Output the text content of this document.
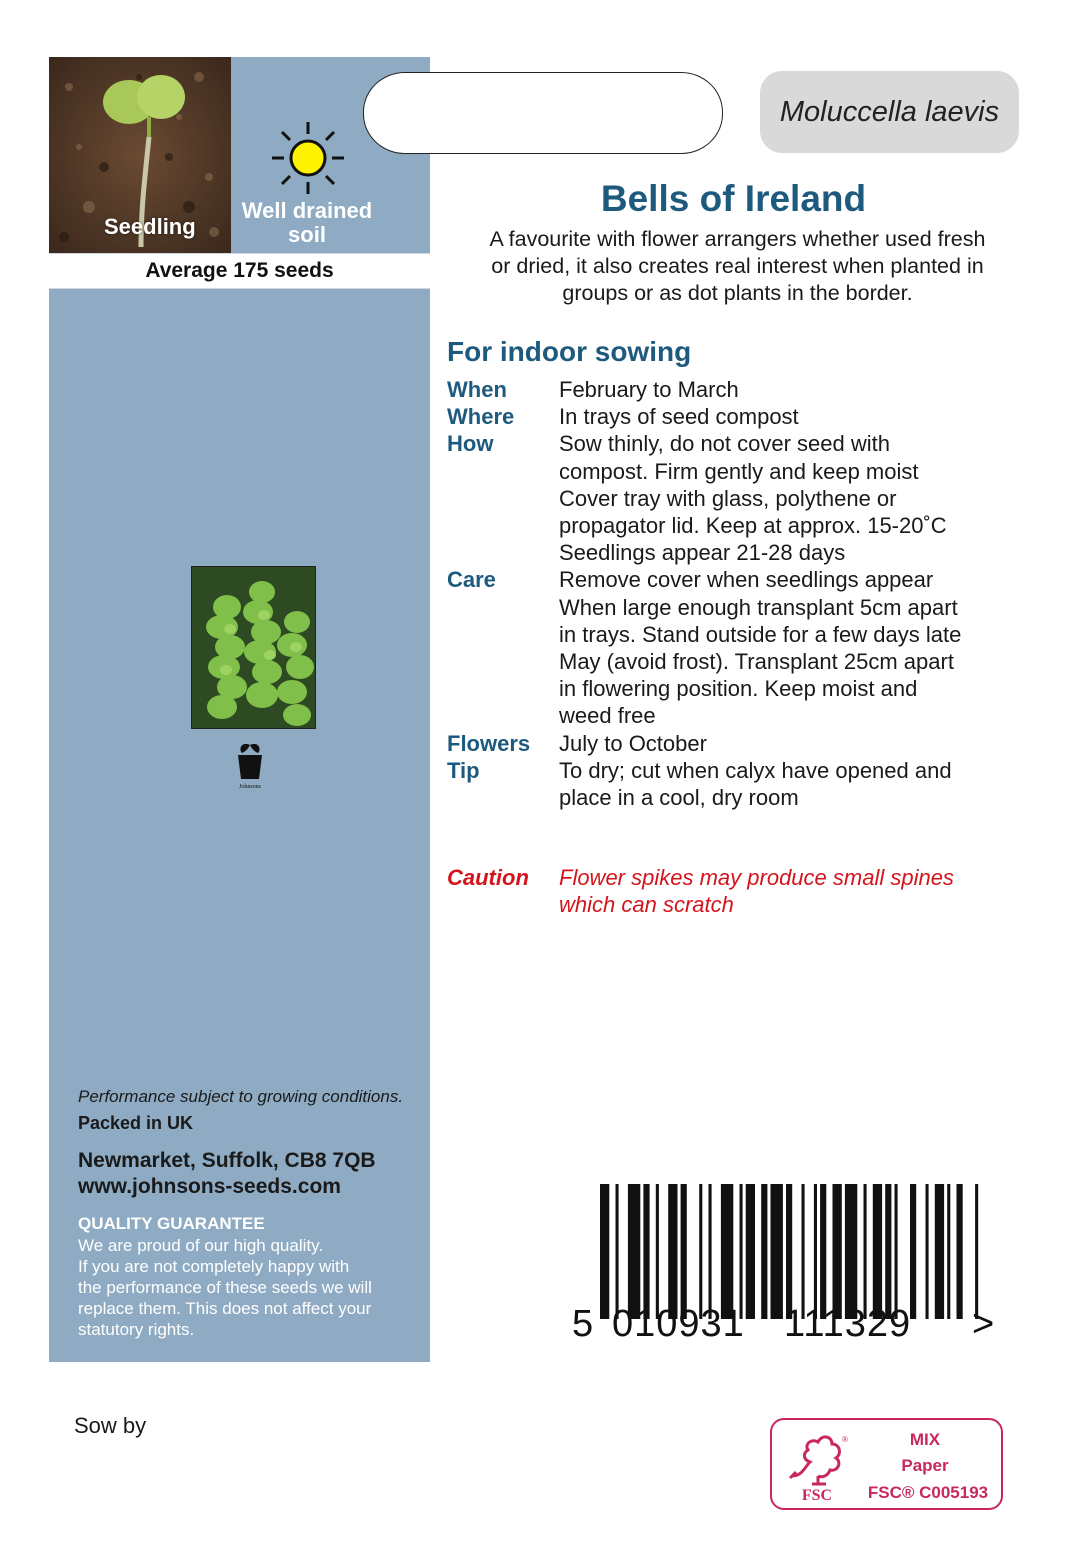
Seedling
Well drained
soil
Average 175 seeds
Johnsons
Performance subject to growing conditions.
Packed in UK
Newmarket, Suffolk, CB8 7QB
www.johnsons-seeds.com
QUALITY GUARANTEE
We are proud of our high quality.
If you are not completely happy with
the performance of these seeds we will
replace them. This does not affect your
statutory rights.
Moluccella laevis
Bells of Ireland
A favourite with flower arrangers whether used fresh
or dried, it also creates real interest when planted in
groups or as dot plants in the border.
For indoor sowing
When	February to March
Where	In trays of seed compost
How	Sow thinly, do not cover seed with
compost. Firm gently and keep moist
Cover tray with glass, polythene or
propagator lid. Keep at approx. 15-20˚C
Seedlings appear 21-28 days
Care	Remove cover when seedlings appear
When large enough transplant 5cm apart
in trays. Stand outside for a few days late
May (avoid frost). Transplant 25cm apart
in flowering position. Keep moist and
weed free
Flowers	July to October
Tip	To dry; cut when calyx have opened and
place in a cool, dry room
Caution	Flower spikes may produce small spines
which can scratch
5 010931 111329 >
Sow by
®
FSC
MIX
Paper
FSC® C005193
